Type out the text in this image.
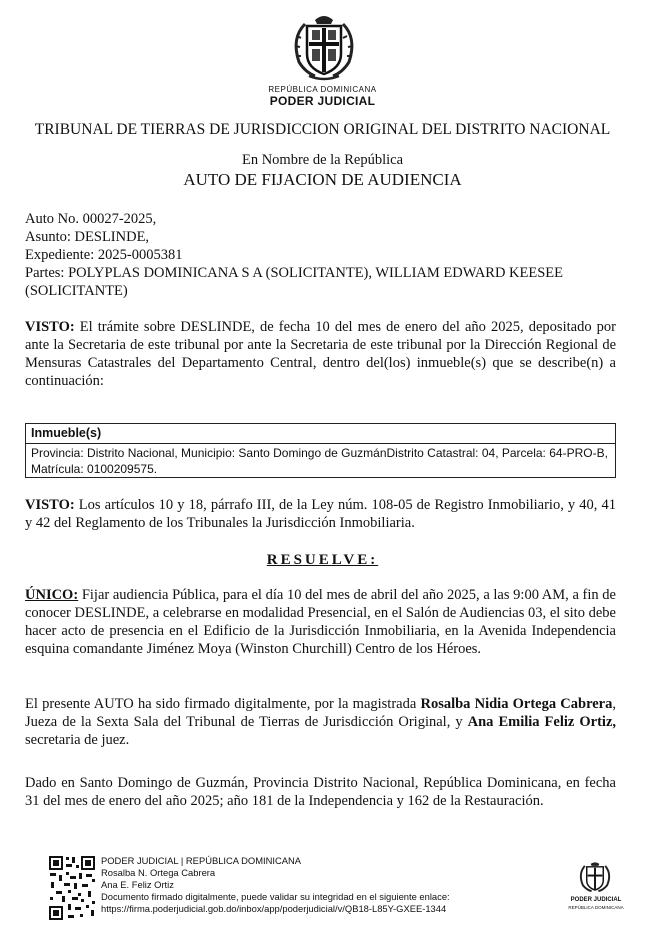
REPÚBLICA DOMINICANA
PODER JUDICIAL
TRIBUNAL DE TIERRAS DE JURISDICCION ORIGINAL DEL DISTRITO NACIONAL
En Nombre de la República
AUTO DE FIJACION DE AUDIENCIA
Auto No. 00027-2025,
Asunto: DESLINDE,
Expediente: 2025-0005381
Partes: POLYPLAS DOMINICANA S A (SOLICITANTE), WILLIAM EDWARD KEESEE (SOLICITANTE)
VISTO: El trámite sobre DESLINDE, de fecha 10 del mes de enero del año 2025, depositado por ante la Secretaria de este tribunal por ante la Secretaria de este tribunal por la Dirección Regional de Mensuras Catastrales del Departamento Central, dentro del(los) inmueble(s) que se describe(n) a continuación:
Inmueble(s)
Provincia: Distrito Nacional, Municipio: Santo Domingo de GuzmánDistrito Catastral: 04, Parcela: 64-PRO-B, Matrícula: 0100209575.
VISTO: Los artículos 10 y 18, párrafo III, de la Ley núm. 108-05 de Registro Inmobiliario, y 40, 41 y 42 del Reglamento de los Tribunales la Jurisdicción Inmobiliaria.
RESUELVE:
ÚNICO: Fijar audiencia Pública, para el día 10 del mes de abril del año 2025, a las 9:00 AM, a fin de conocer DESLINDE, a celebrarse en modalidad Presencial, en el Salón de Audiencias 03, el sito debe hacer acto de presencia en el Edificio de la Jurisdicción Inmobiliaria, en la Avenida Independencia esquina comandante Jiménez Moya (Winston Churchill) Centro de los Héroes.
El presente AUTO ha sido firmado digitalmente, por la magistrada Rosalba Nidia Ortega Cabrera, Jueza de la Sexta Sala del Tribunal de Tierras de Jurisdicción Original, y Ana Emilia Feliz Ortiz, secretaria de juez.
Dado en Santo Domingo de Guzmán, Provincia Distrito Nacional, República Dominicana, en fecha 31 del mes de enero del año 2025; año 181 de la Independencia y 162 de la Restauración.
PODER JUDICIAL | REPÚBLICA DOMINICANA
Rosalba N. Ortega Cabrera
Ana E. Feliz Ortiz
Documento firmado digitalmente, puede validar su integridad en el siguiente enlace:
https://firma.poderjudicial.gob.do/inbox/app/poderjudicial/v/QB18-L85Y-GXEE-1344
PODER JUDICIAL
REPÚBLICA DOMINICANA
